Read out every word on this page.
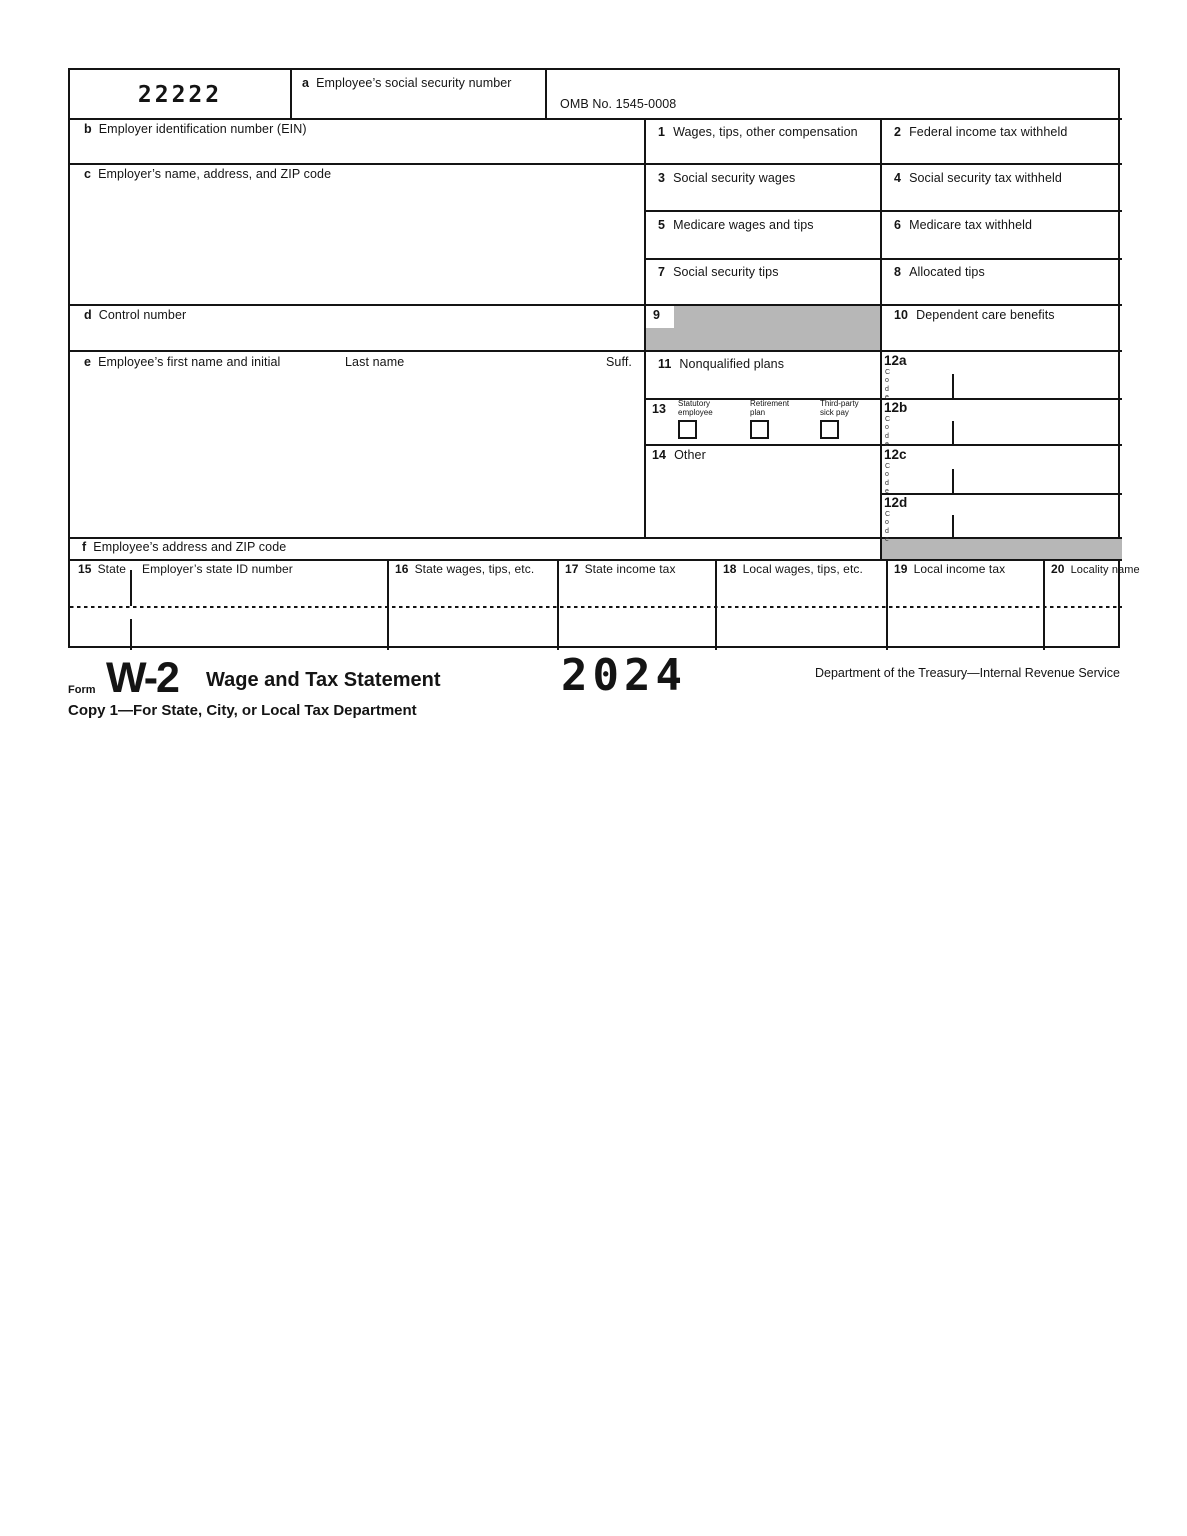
9
22222	a Employee’s social security number
OMB No. 1545-0008
b Employer identification number (EIN)	1 Wages, tips, other compensation	2 Federal income tax withheld
c Employer’s name, address, and ZIP code	3 Social security wages	4 Social security tax withheld
5 Medicare wages and tips	6 Medicare tax withheld
7 Social security tips	8 Allocated tips
d Control number	10 Dependent care benefits
e Employee’s first name and initial	Last name	Suff. 11 Nonqualified plans	12a
Code
13	Statutory
employee
Retirement
plan
Third-party
sick pay	12b
Code
14 Other	12c
Code
12d
Code
f Employee’s address and ZIP code
15 State Employer’s state ID number	16 State wages, tips, etc.	17 State income tax	18 Local wages, tips, etc.	19 Local income tax	20 Locality name
Form W-2 Wage and Tax Statement	2024	Department of the Treasury—Internal Revenue Service
Copy 1—For State, City, or Local Tax Department
